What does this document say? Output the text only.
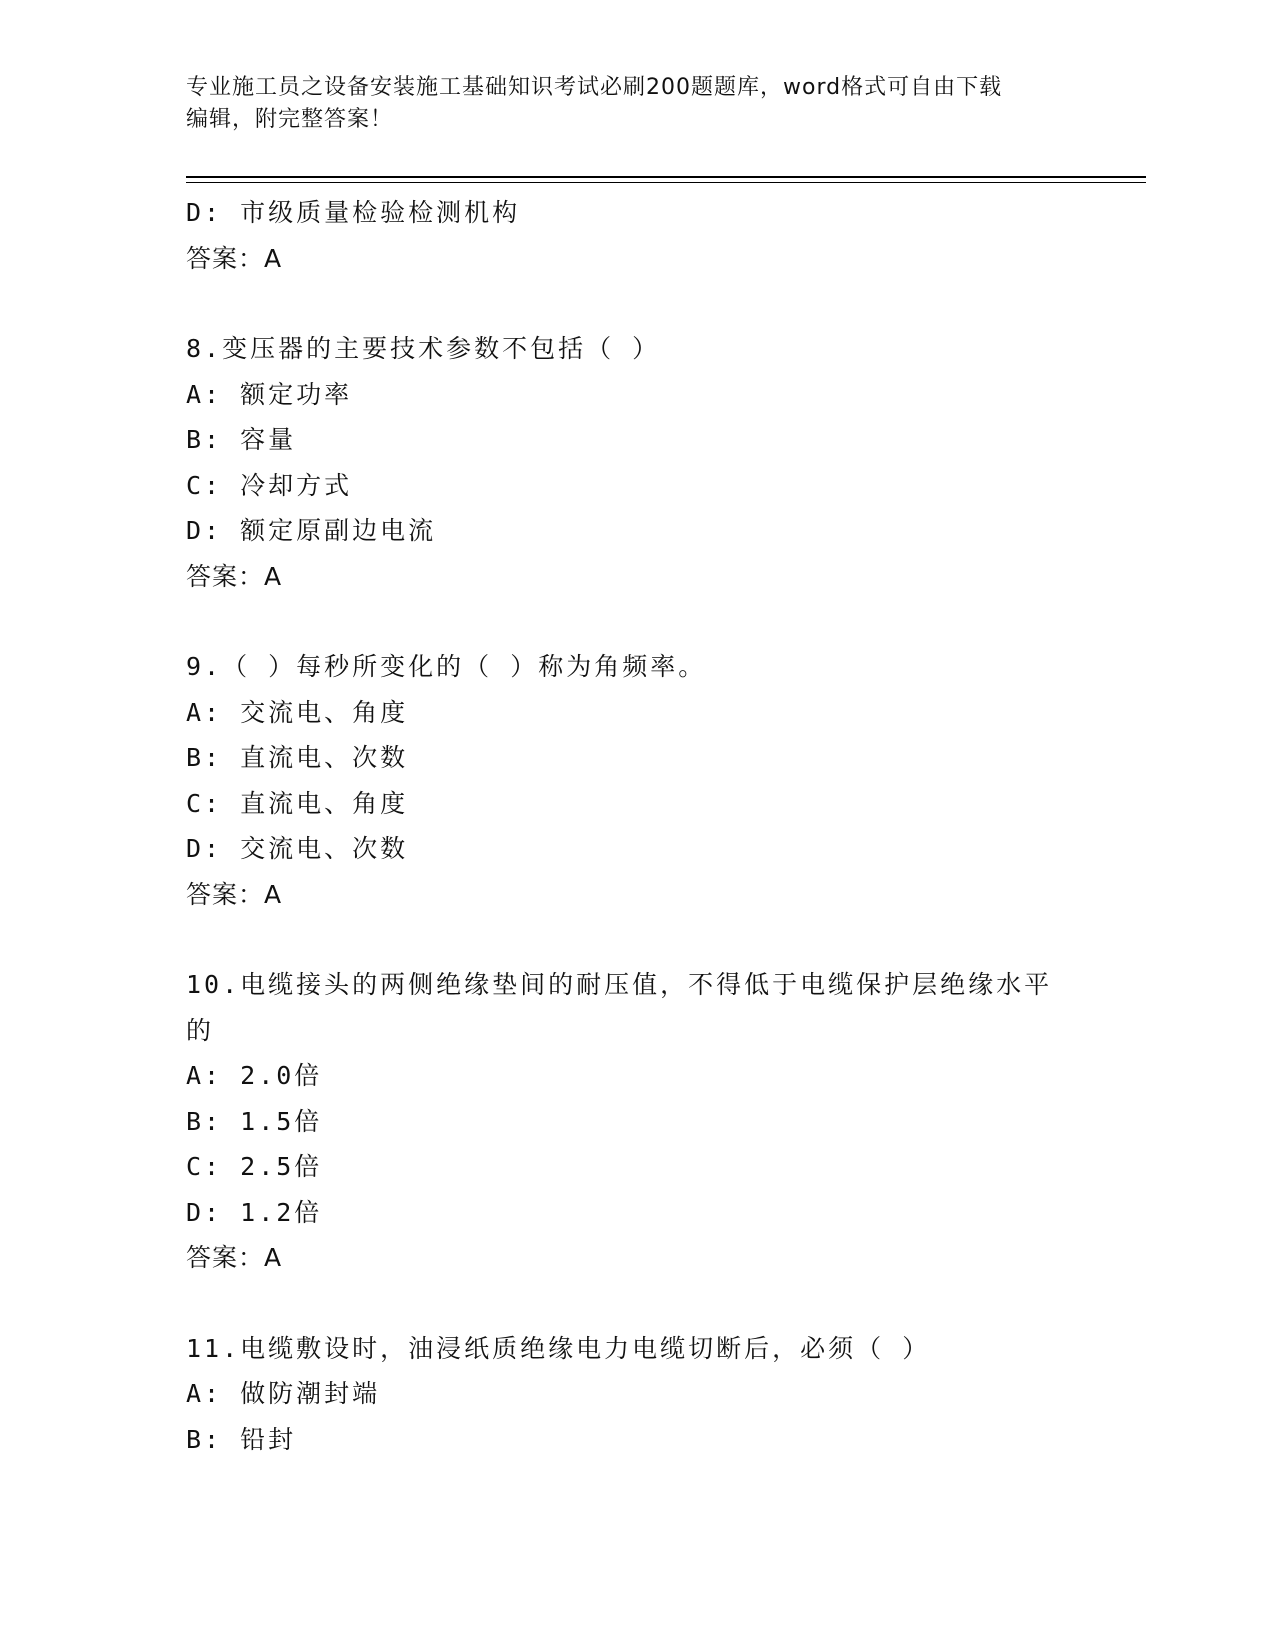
专业施工员之设备安装施工基础知识考试必刷200题题库，word格式可自由下载
编辑，附完整答案！
D: 市级质量检验检测机构
答案：A
8.变压器的主要技术参数不包括（ ）
A: 额定功率
B: 容量
C: 冷却方式
D: 额定原副边电流
答案：A
9.（ ）每秒所变化的（ ）称为角频率。
A: 交流电、角度
B: 直流电、次数
C: 直流电、角度
D: 交流电、次数
答案：A
10.电缆接头的两侧绝缘垫间的耐压值，不得低于电缆保护层绝缘水平
的
A: 2.0倍
B: 1.5倍
C: 2.5倍
D: 1.2倍
答案：A
11.电缆敷设时，油浸纸质绝缘电力电缆切断后，必须（ ）
A: 做防潮封端
B: 铅封
